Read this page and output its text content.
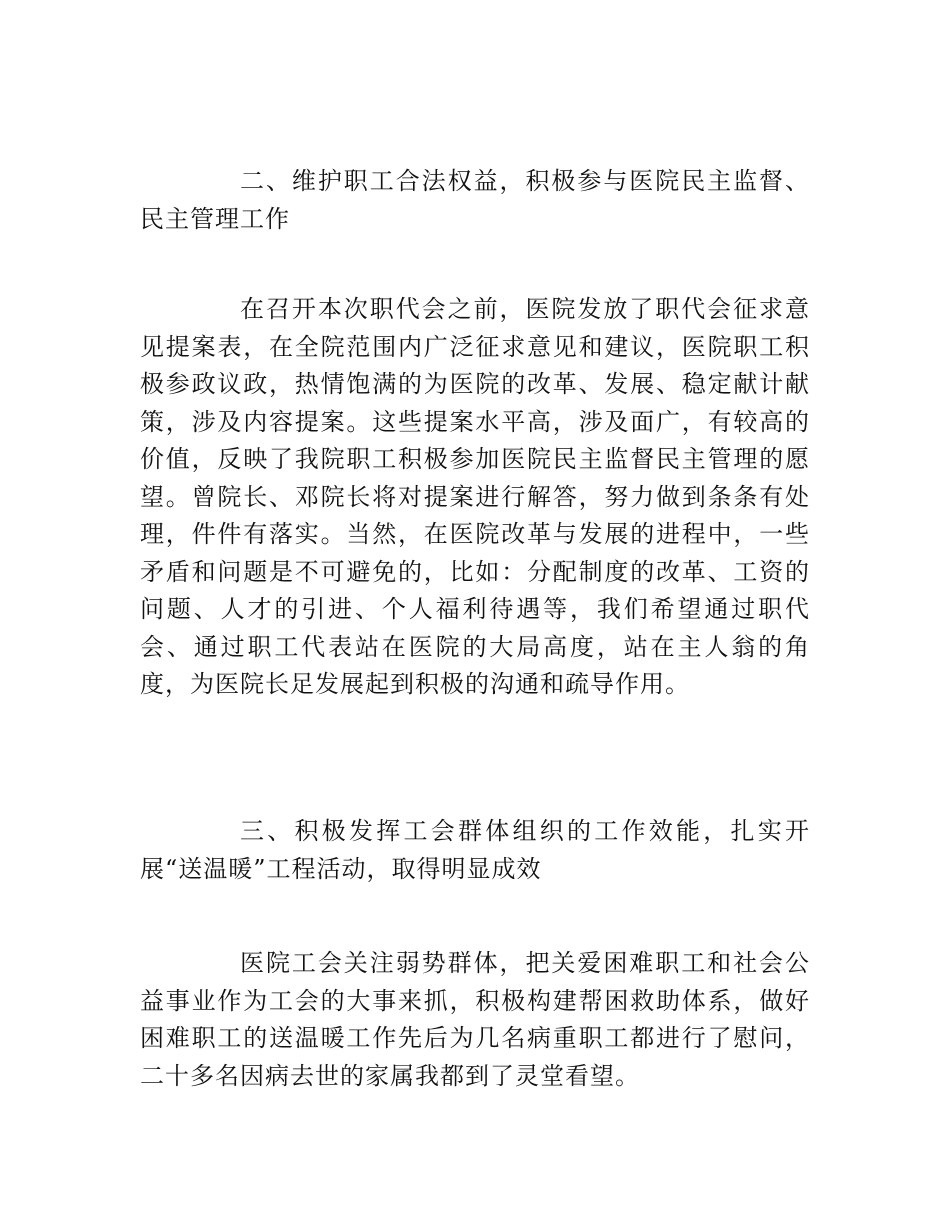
二、维护职工合法权益，积极参与医院民主监督、民主管理工作

在召开本次职代会之前，医院发放了职代会征求意见提案表，在全院范围内广泛征求意见和建议，医院职工积极参政议政，热情饱满的为医院的改革、发展、稳定献计献策，涉及内容提案。这些提案水平高，涉及面广，有较高的价值，反映了我院职工积极参加医院民主监督民主管理的愿望。曾院长、邓院长将对提案进行解答，努力做到条条有处理，件件有落实。当然，在医院改革与发展的进程中，一些矛盾和问题是不可避免的，比如：分配制度的改革、工资的问题、人才的引进、个人福利待遇等，我们希望通过职代会、通过职工代表站在医院的大局高度，站在主人翁的角度，为医院长足发展起到积极的沟通和疏导作用。

三、积极发挥工会群体组织的工作效能，扎实开展“送温暖”工程活动，取得明显成效

医院工会关注弱势群体，把关爱困难职工和社会公益事业作为工会的大事来抓，积极构建帮困救助体系，做好困难职工的送温暖工作先后为几名病重职工都进行了慰问，二十多名因病去世的家属我都到了灵堂看望。
